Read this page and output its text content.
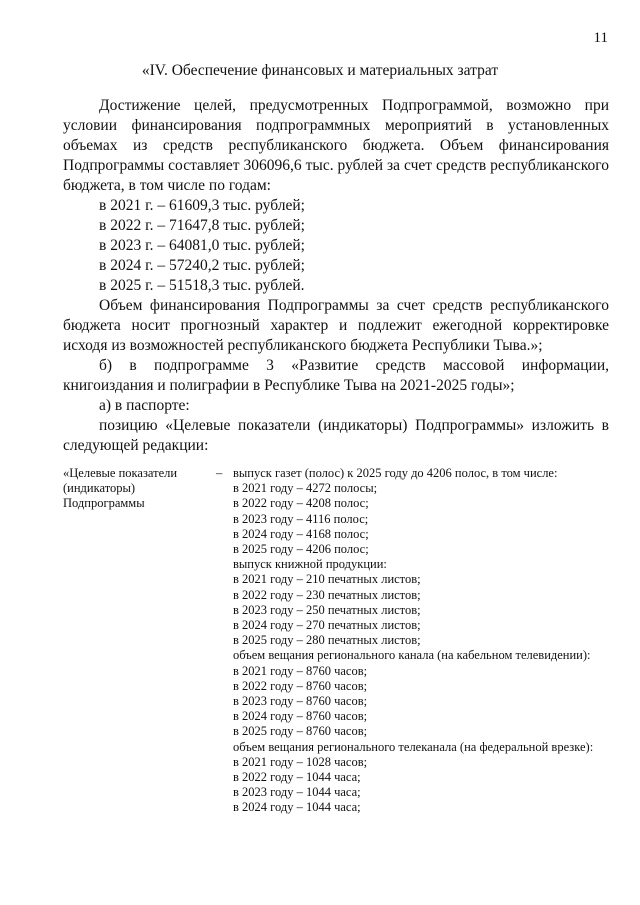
11
«IV. Обеспечение финансовых и материальных затрат

Достижение целей, предусмотренных Подпрограммой, возможно при условии финансирования подпрограммных мероприятий в установленных объемах из средств республиканского бюджета. Объем финансирования Подпрограммы составляет 306096,6 тыс. рублей за счет средств республиканского бюджета, в том числе по годам:

в 2021 г. – 61609,3 тыс. рублей;
в 2022 г. – 71647,8 тыс. рублей;
в 2023 г. – 64081,0 тыс. рублей;
в 2024 г. – 57240,2 тыс. рублей;
в 2025 г. – 51518,3 тыс. рублей.

Объем финансирования Подпрограммы за счет средств республиканского бюджета носит прогнозный характер и подлежит ежегодной корректировке исходя из возможностей республиканского бюджета Республики Тыва.»;

б) в подпрограмме 3 «Развитие средств массовой информации, книгоиздания и полиграфии в Республике Тыва на 2021-2025 годы»;

а) в паспорте:

позицию «Целевые показатели (индикаторы) Подпрограммы» изложить в следующей редакции:

«Целевые показатели (индикаторы) Подпрограммы
– выпуск газет (полос) к 2025 году до 4206 полос, в том числе:
в 2021 году – 4272 полосы;
в 2022 году – 4208 полос;
в 2023 году – 4116 полос;
в 2024 году – 4168 полос;
в 2025 году – 4206 полос;
выпуск книжной продукции:
в 2021 году – 210 печатных листов;
в 2022 году – 230 печатных листов;
в 2023 году – 250 печатных листов;
в 2024 году – 270 печатных листов;
в 2025 году – 280 печатных листов;
объем вещания регионального канала (на кабельном телевидении):
в 2021 году – 8760 часов;
в 2022 году – 8760 часов;
в 2023 году – 8760 часов;
в 2024 году – 8760 часов;
в 2025 году – 8760 часов;
объем вещания регионального телеканала (на федеральной врезке):
в 2021 году – 1028 часов;
в 2022 году – 1044 часа;
в 2023 году – 1044 часа;
в 2024 году – 1044 часа;
